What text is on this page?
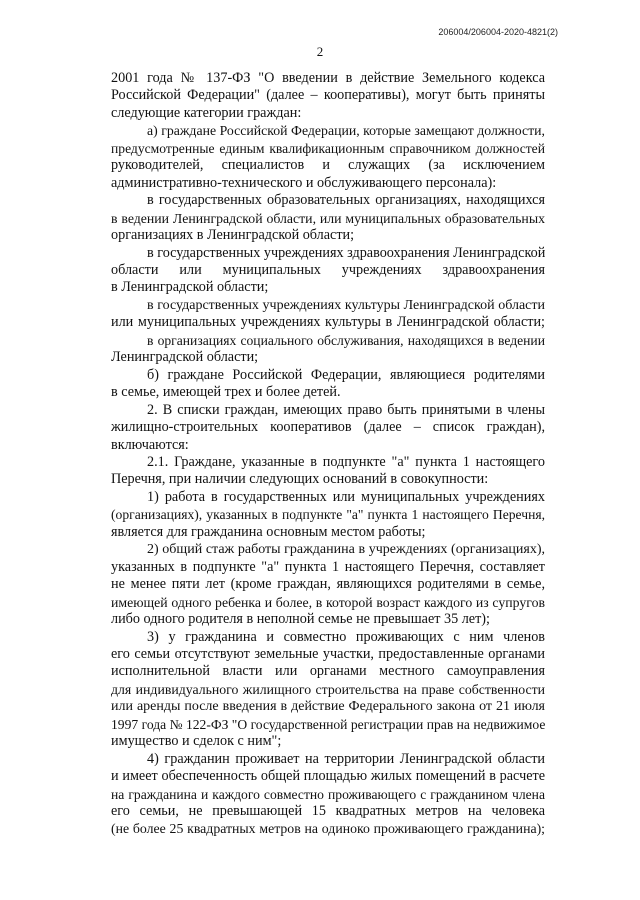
206004/206004-2020-4821(2)
2
2001 года № 137-ФЗ "О введении в действие Земельного кодекса
Российской Федерации" (далее – кооперативы), могут быть приняты
следующие категории граждан:
а) граждане Российской Федерации, которые замещают должности,
предусмотренные единым квалификационным справочником должностей
руководителей, специалистов и служащих (за исключением
административно-технического и обслуживающего персонала):
в государственных образовательных организациях, находящихся
в ведении Ленинградской области, или муниципальных образовательных
организациях в Ленинградской области;
в государственных учреждениях здравоохранения Ленинградской
области или муниципальных учреждениях здравоохранения
в Ленинградской области;
в государственных учреждениях культуры Ленинградской области
или муниципальных учреждениях культуры в Ленинградской области;
в организациях социального обслуживания, находящихся в ведении
Ленинградской области;
б) граждане Российской Федерации, являющиеся родителями
в семье, имеющей трех и более детей.
2. В списки граждан, имеющих право быть принятыми в члены
жилищно-строительных кооперативов (далее – список граждан),
включаются:
2.1. Граждане, указанные в подпункте "а" пункта 1 настоящего
Перечня, при наличии следующих оснований в совокупности:
1) работа в государственных или муниципальных учреждениях
(организациях), указанных в подпункте "а" пункта 1 настоящего Перечня,
является для гражданина основным местом работы;
2) общий стаж работы гражданина в учреждениях (организациях),
указанных в подпункте "а" пункта 1 настоящего Перечня, составляет
не менее пяти лет (кроме граждан, являющихся родителями в семье,
имеющей одного ребенка и более, в которой возраст каждого из супругов
либо одного родителя в неполной семье не превышает 35 лет);
3) у гражданина и совместно проживающих с ним членов
его семьи отсутствуют земельные участки, предоставленные органами
исполнительной власти или органами местного самоуправления
для индивидуального жилищного строительства на праве собственности
или аренды после введения в действие Федерального закона от 21 июля
1997 года № 122-ФЗ "О государственной регистрации прав на недвижимое
имущество и сделок с ним";
4) гражданин проживает на территории Ленинградской области
и имеет обеспеченность общей площадью жилых помещений в расчете
на гражданина и каждого совместно проживающего с гражданином члена
его семьи, не превышающей 15 квадратных метров на человека
(не более 25 квадратных метров на одиноко проживающего гражданина);
